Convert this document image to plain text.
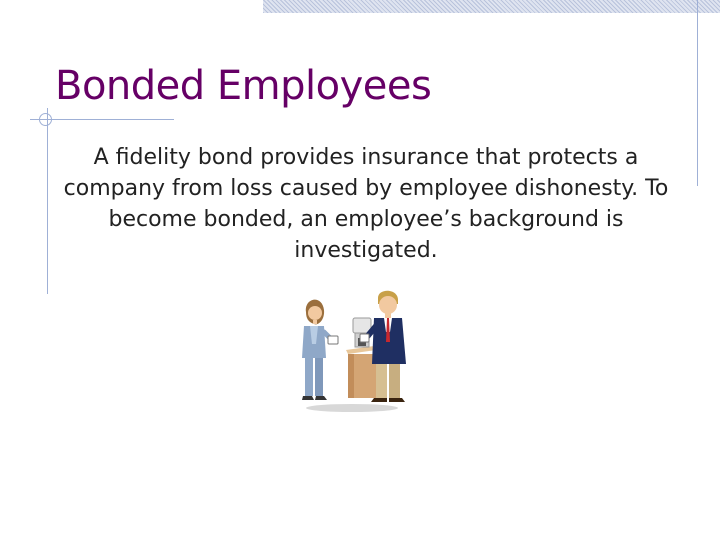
Bonded Employees

A fidelity bond provides insurance that protects a company from loss caused by employee dishonesty. To become bonded, an employee’s background is investigated.
